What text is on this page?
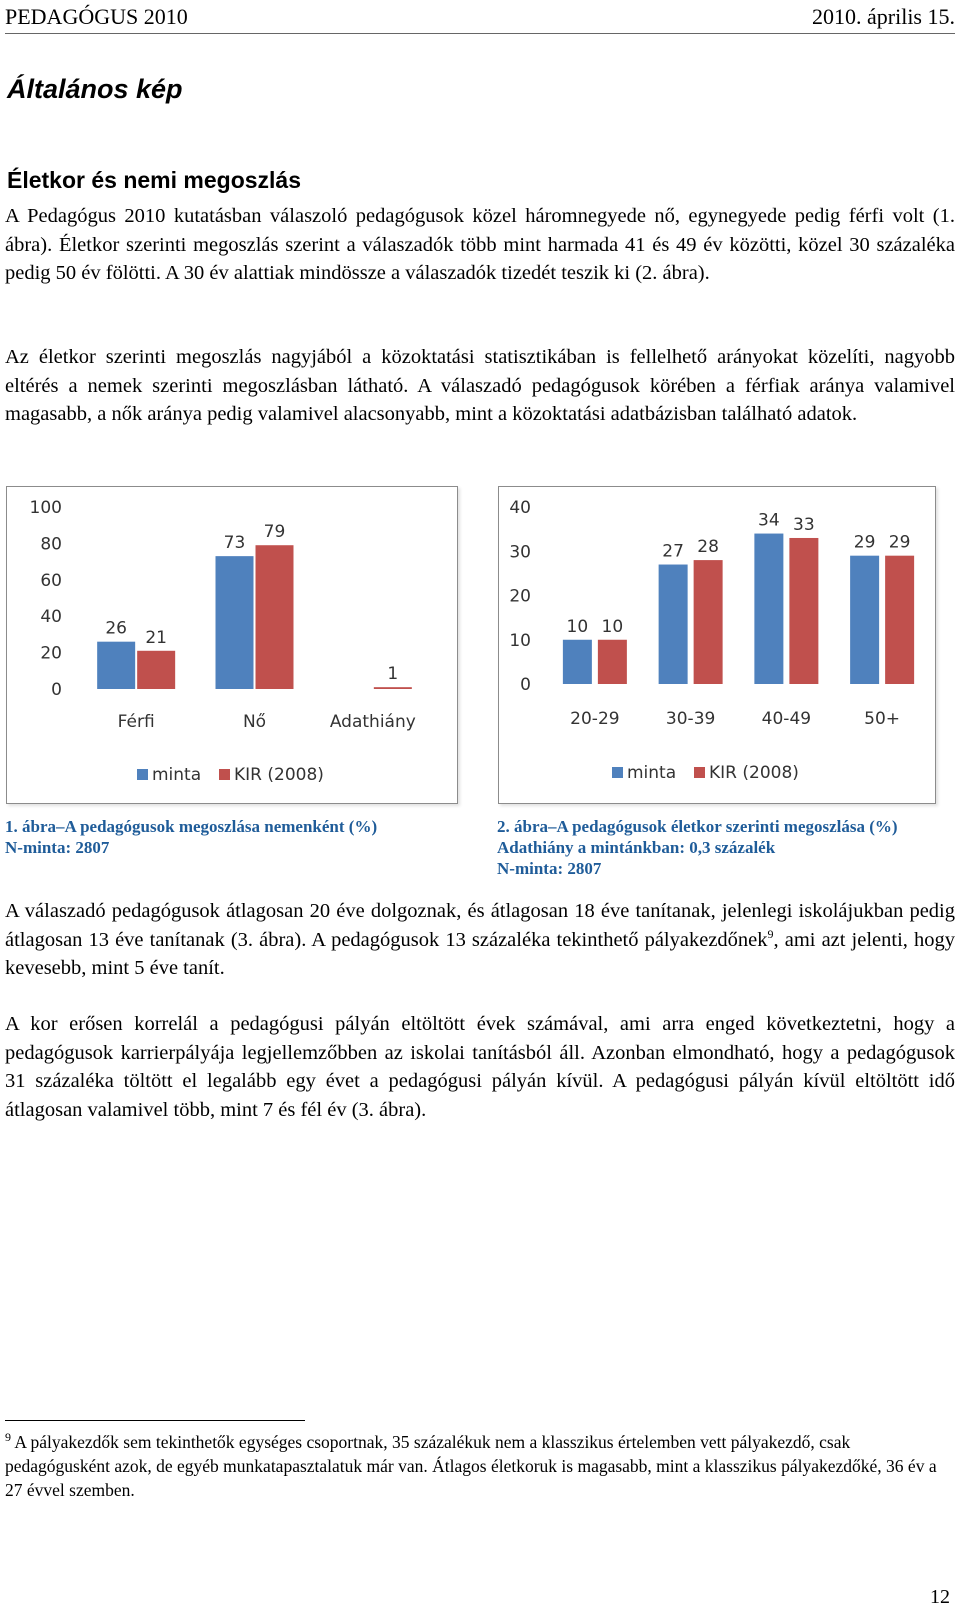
PEDAGÓGUS 2010	2010. április 15.
Általános kép
Életkor és nemi megoszlás

A Pedagógus 2010 kutatásban válaszoló pedagógusok közel háromnegyede nő, egynegyede pedig férfi volt (1. ábra). Életkor szerinti megoszlás szerint a válaszadók több mint harmada 41 és 49 év közötti, közel 30 százaléka pedig 50 év fölötti. A 30 év alattiak mindössze a válaszadók tizedét teszik ki (2. ábra).

Az életkor szerinti megoszlás nagyjából a közoktatási statisztikában is fellelhető arányokat közelíti, nagyobb eltérés a nemek szerinti megoszlásban látható. A válaszadó pedagógusok körében a férfiak aránya valamivel magasabb, a nők aránya pedig valamivel alacsonyabb, mint a közoktatási adatbázisban található adatok.

100
80
60
40
20
0
26 21
Férfi
73
79
Nő
1
Adathiány
minta KIR (2008)
40
30
20
10
0
10 10
20-29
27 28
30-39
34 33
40-49
29 29
50+
minta KIR (2008)
1. ábra–A pedagógusok megoszlása nemenként (%)
N-minta: 2807
2. ábra–A pedagógusok életkor szerinti megoszlása (%)
Adathiány a mintánkban: 0,3 százalék
N-minta: 2807

A válaszadó pedagógusok átlagosan 20 éve dolgoznak, és átlagosan 18 éve tanítanak, jelenlegi iskolájukban pedig átlagosan 13 éve tanítanak (3. ábra). A pedagógusok 13 százaléka tekinthető pályakezdőnek$^9$, ami azt jelenti, hogy kevesebb, mint 5 éve tanít.

A kor erősen korrelál a pedagógusi pályán eltöltött évek számával, ami arra enged következtetni, hogy a pedagógusok karrierpályája legjellemzőbben az iskolai tanításból áll. Azonban elmondható, hogy a pedagógusok 31 százaléka töltött el legalább egy évet a pedagógusi pályán kívül. A pedagógusi pályán kívül eltöltött idő átlagosan valamivel több, mint 7 és fél év (3. ábra).

$^9$ A pályakezdők sem tekinthetők egységes csoportnak, 35 százalékuk nem a klasszikus értelemben vett pályakezdő, csak pedagógusként azok, de egyéb munkatapasztalatuk már van. Átlagos életkoruk is magasabb, mint a klasszikus pályakezdőké, 36 év a 27 évvel szemben.

12
